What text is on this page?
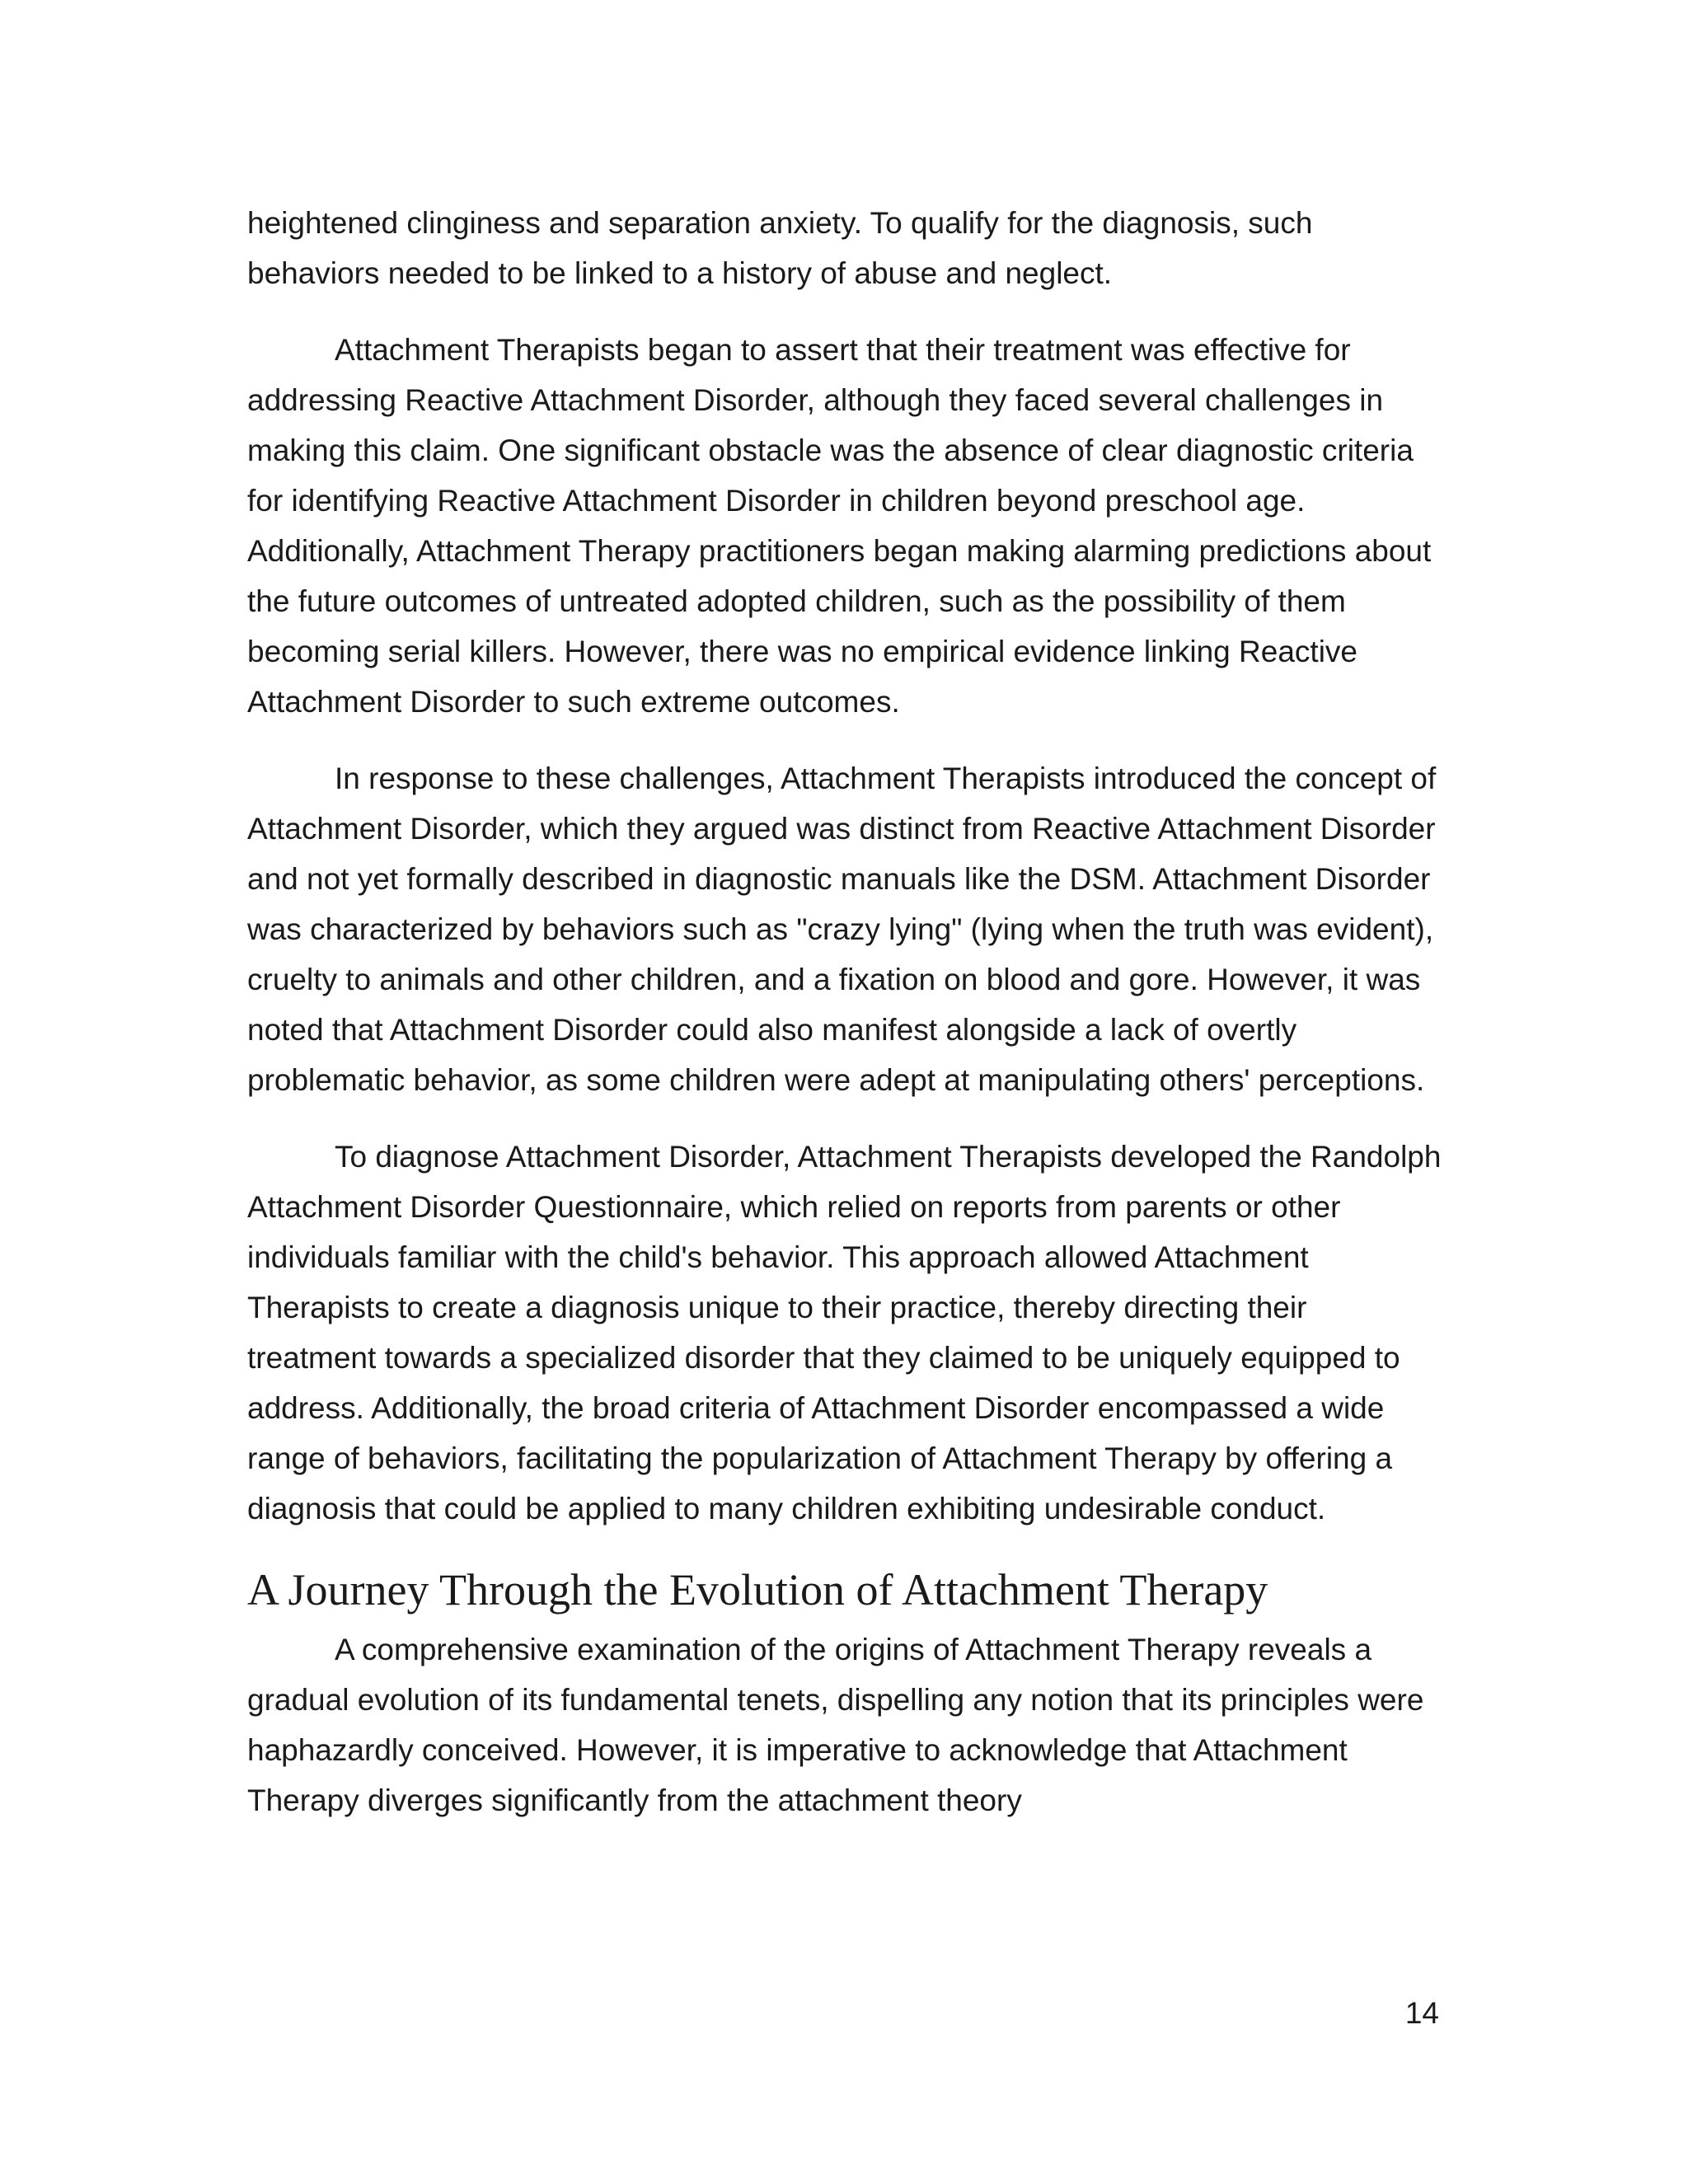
heightened clinginess and separation anxiety. To qualify for the diagnosis, such behaviors needed to be linked to a history of abuse and neglect.

Attachment Therapists began to assert that their treatment was effective for addressing Reactive Attachment Disorder, although they faced several challenges in making this claim. One significant obstacle was the absence of clear diagnostic criteria for identifying Reactive Attachment Disorder in children beyond preschool age. Additionally, Attachment Therapy practitioners began making alarming predictions about the future outcomes of untreated adopted children, such as the possibility of them becoming serial killers. However, there was no empirical evidence linking Reactive Attachment Disorder to such extreme outcomes.

In response to these challenges, Attachment Therapists introduced the concept of Attachment Disorder, which they argued was distinct from Reactive Attachment Disorder and not yet formally described in diagnostic manuals like the DSM. Attachment Disorder was characterized by behaviors such as "crazy lying" (lying when the truth was evident), cruelty to animals and other children, and a fixation on blood and gore. However, it was noted that Attachment Disorder could also manifest alongside a lack of overtly problematic behavior, as some children were adept at manipulating others' perceptions.

To diagnose Attachment Disorder, Attachment Therapists developed the Randolph Attachment Disorder Questionnaire, which relied on reports from parents or other individuals familiar with the child's behavior. This approach allowed Attachment Therapists to create a diagnosis unique to their practice, thereby directing their treatment towards a specialized disorder that they claimed to be uniquely equipped to address. Additionally, the broad criteria of Attachment Disorder encompassed a wide range of behaviors, facilitating the popularization of Attachment Therapy by offering a diagnosis that could be applied to many children exhibiting undesirable conduct.

A Journey Through the Evolution of Attachment Therapy

A comprehensive examination of the origins of Attachment Therapy reveals a gradual evolution of its fundamental tenets, dispelling any notion that its principles were haphazardly conceived. However, it is imperative to acknowledge that Attachment Therapy diverges significantly from the attachment theory

14
